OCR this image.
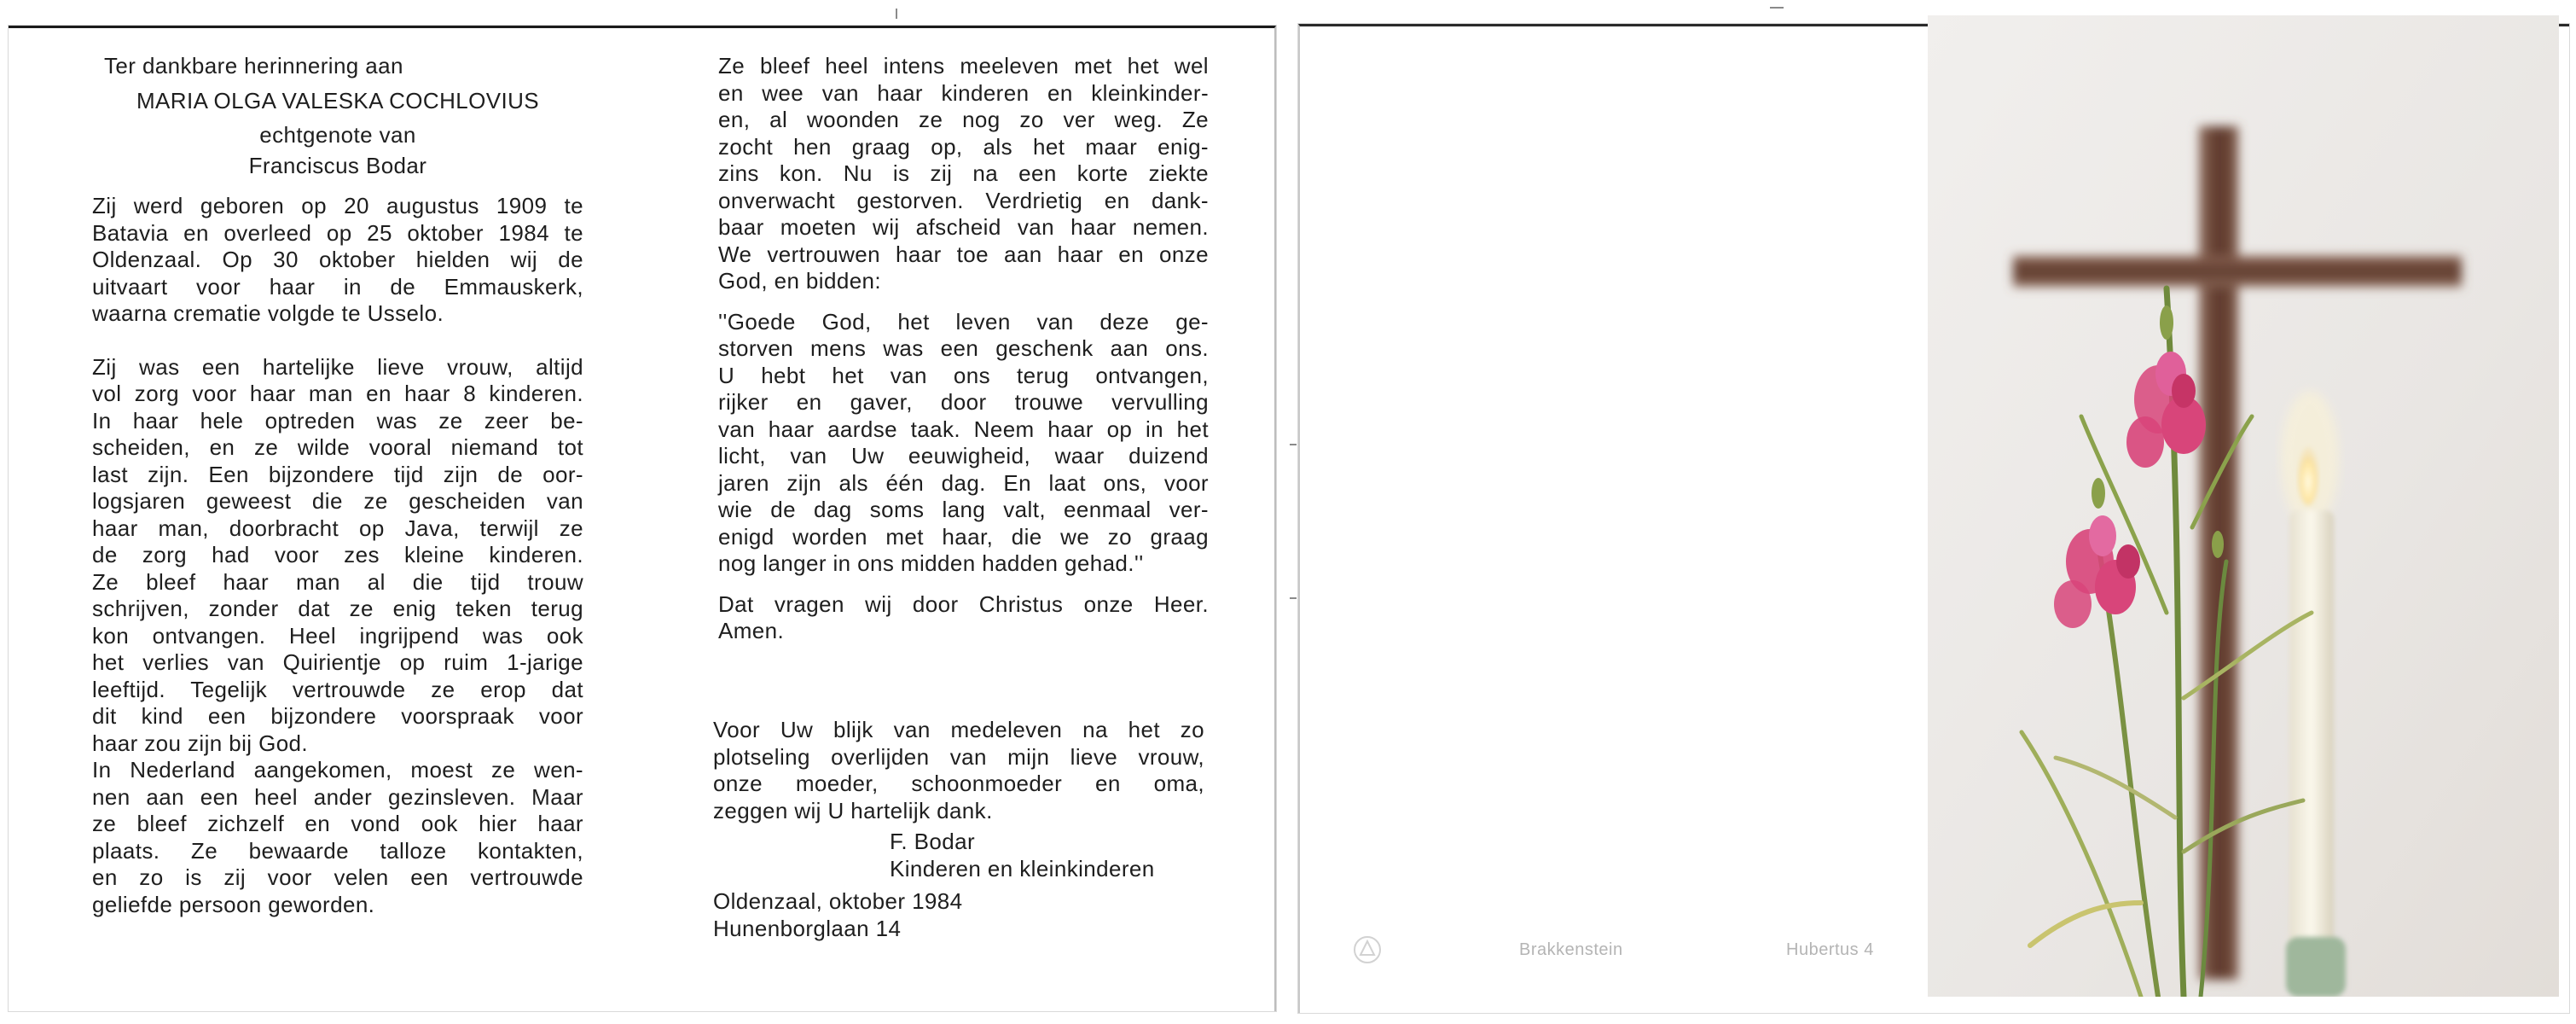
Ter dankbare herinnering aan
MARIA OLGA VALESKA COCHLOVIUS
echtgenote van
Franciscus Bodar
Zij werd geboren op 20 augustus 1909 te
Batavia en overleed op 25 oktober 1984 te
Oldenzaal. Op 30 oktober hielden wij de
uitvaart voor haar in de Emmauskerk,
waarna crematie volgde te Usselo.
Zij was een hartelijke lieve vrouw, altijd
vol zorg voor haar man en haar 8 kinderen.
In haar hele optreden was ze zeer be-
scheiden, en ze wilde vooral niemand tot
last zijn. Een bijzondere tijd zijn de oor-
logsjaren geweest die ze gescheiden van
haar man, doorbracht op Java, terwijl ze
de zorg had voor zes kleine kinderen.
Ze bleef haar man al die tijd trouw
schrijven, zonder dat ze enig teken terug
kon ontvangen. Heel ingrijpend was ook
het verlies van Quirientje op ruim 1-jarige
leeftijd. Tegelijk vertrouwde ze erop dat
dit kind een bijzondere voorspraak voor
haar zou zijn bij God.
In Nederland aangekomen, moest ze wen-
nen aan een heel ander gezinsleven. Maar
ze bleef zichzelf en vond ook hier haar
plaats. Ze bewaarde talloze kontakten,
en zo is zij voor velen een vertrouwde
geliefde persoon geworden.
Ze bleef heel intens meeleven met het wel
en wee van haar kinderen en kleinkinder-
en, al woonden ze nog zo ver weg. Ze
zocht hen graag op, als het maar enig-
zins kon. Nu is zij na een korte ziekte
onverwacht gestorven. Verdrietig en dank-
baar moeten wij afscheid van haar nemen.
We vertrouwen haar toe aan haar en onze
God, en bidden:
''Goede God, het leven van deze ge-
storven mens was een geschenk aan ons.
U hebt het van ons terug ontvangen,
rijker en gaver, door trouwe vervulling
van haar aardse taak. Neem haar op in het
licht, van Uw eeuwigheid, waar duizend
jaren zijn als één dag. En laat ons, voor
wie de dag soms lang valt, eenmaal ver-
enigd worden met haar, die we zo graag
nog langer in ons midden hadden gehad.''
Dat vragen wij door Christus onze Heer.
Amen.
Voor Uw blijk van medeleven na het zo
plotseling overlijden van mijn lieve vrouw,
onze moeder, schoonmoeder en oma,
zeggen wij U hartelijk dank.
F. Bodar
Kinderen en kleinkinderen
Oldenzaal, oktober 1984
Hunenborglaan 14
Brakkenstein	Hubertus 4
